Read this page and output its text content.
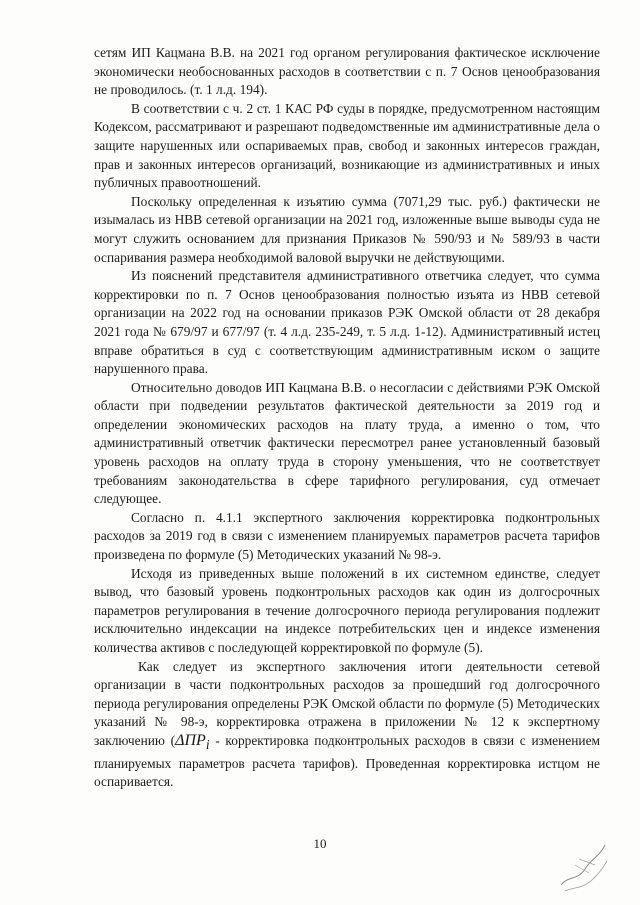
сетям ИП Кацмана В.В. на 2021 год органом регулирования фактическое исключение экономически необоснованных расходов в соответствии с п. 7 Основ ценообразования не проводилось. (т. 1 л.д. 194).

В соответствии с ч. 2 ст. 1 КАС РФ суды в порядке, предусмотренном настоящим Кодексом, рассматривают и разрешают подведомственные им административные дела о защите нарушенных или оспариваемых прав, свобод и законных интересов граждан, прав и законных интересов организаций, возникающие из административных и иных публичных правоотношений.

Поскольку определенная к изъятию сумма (7071,29 тыс. руб.) фактически не изымалась из НВВ сетевой организации на 2021 год, изложенные выше выводы суда не могут служить основанием для признания Приказов № 590/93 и № 589/93 в части оспаривания размера необходимой валовой выручки не действующими.

Из пояснений представителя административного ответчика следует, что сумма корректировки по п. 7 Основ ценообразования полностью изъята из НВВ сетевой организации на 2022 год на основании приказов РЭК Омской области от 28 декабря 2021 года № 679/97 и 677/97 (т. 4 л.д. 235-249, т. 5 л.д. 1-12). Административный истец вправе обратиться в суд с соответствующим административным иском о защите нарушенного права.

Относительно доводов ИП Кацмана В.В. о несогласии с действиями РЭК Омской области при подведении результатов фактической деятельности за 2019 год и определении экономических расходов на плату труда, а именно о том, что административный ответчик фактически пересмотрел ранее установленный базовый уровень расходов на оплату труда в сторону уменьшения, что не соответствует требованиям законодательства в сфере тарифного регулирования, суд отмечает следующее.

Согласно п. 4.1.1 экспертного заключения корректировка подконтрольных расходов за 2019 год в связи с изменением планируемых параметров расчета тарифов произведена по формуле (5) Методических указаний № 98-э.

Исходя из приведенных выше положений в их системном единстве, следует вывод, что базовый уровень подконтрольных расходов как один из долгосрочных параметров регулирования в течение долгосрочного периода регулирования подлежит исключительно индексации на индексе потребительских цен и индексе изменения количества активов с последующей корректировкой по формуле (5).

Как следует из экспертного заключения итоги деятельности сетевой организации в части подконтрольных расходов за прошедший год долгосрочного периода регулирования определены РЭК Омской области по формуле (5) Методических указаний № 98-э, корректировка отражена в приложении № 12 к экспертному заключению ($\Delta ПР_i$ - корректировка подконтрольных расходов в связи с изменением планируемых параметров расчета тарифов). Проведенная корректировка истцом не оспаривается.

10
